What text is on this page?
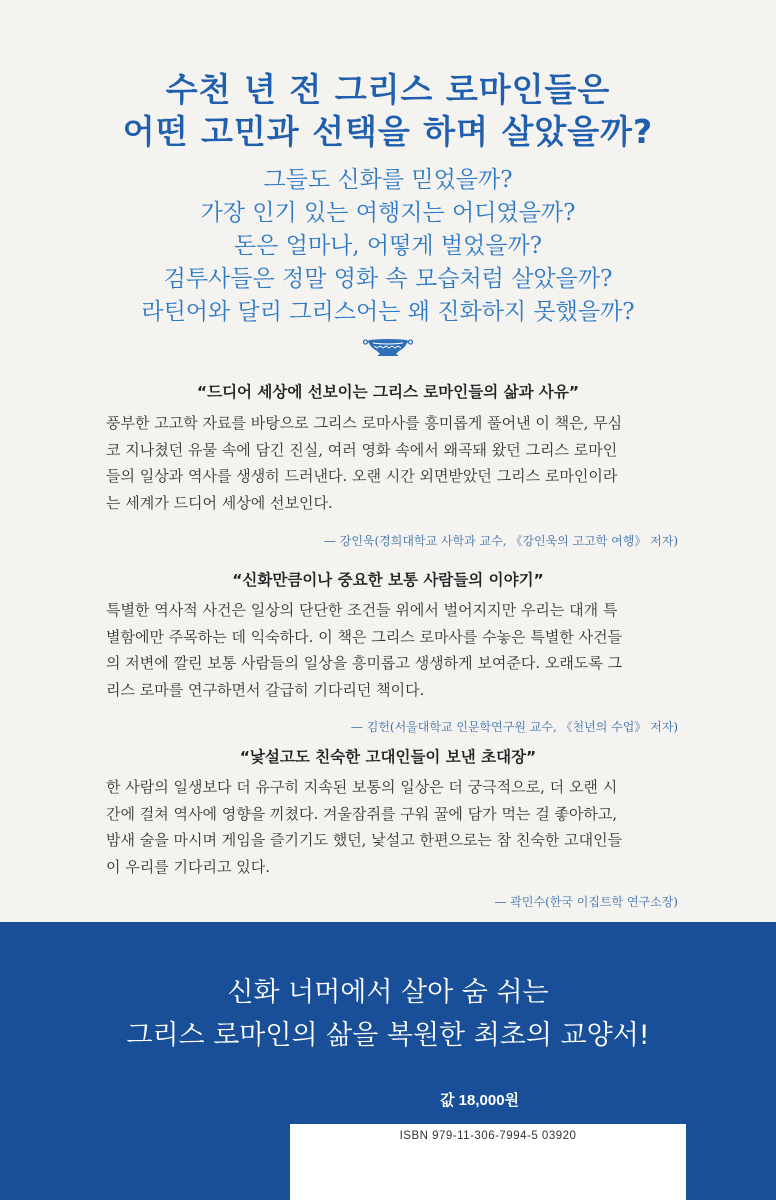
수천 년 전 그리스 로마인들은
어떤 고민과 선택을 하며 살았을까?
그들도 신화를 믿었을까?
가장 인기 있는 여행지는 어디였을까?
돈은 얼마나, 어떻게 벌었을까?
검투사들은 정말 영화 속 모습처럼 살았을까?
라틴어와 달리 그리스어는 왜 진화하지 못했을까?
“드디어 세상에 선보이는 그리스 로마인들의 삶과 사유”
풍부한 고고학 자료를 바탕으로 그리스 로마사를 흥미롭게 풀어낸 이 책은, 무심
코 지나쳤던 유물 속에 담긴 진실, 여러 영화 속에서 왜곡돼 왔던 그리스 로마인
들의 일상과 역사를 생생히 드러낸다. 오랜 시간 외면받았던 그리스 로마인이라
는 세계가 드디어 세상에 선보인다.
— 강인욱(경희대학교 사학과 교수, 《강인욱의 고고학 여행》 저자)
“신화만큼이나 중요한 보통 사람들의 이야기”
특별한 역사적 사건은 일상의 단단한 조건들 위에서 벌어지지만 우리는 대개 특
별함에만 주목하는 데 익숙하다. 이 책은 그리스 로마사를 수놓은 특별한 사건들
의 저변에 깔린 보통 사람들의 일상을 흥미롭고 생생하게 보여준다. 오래도록 그
리스 로마를 연구하면서 갈급히 기다리던 책이다.
— 김헌(서울대학교 인문학연구원 교수, 《천년의 수업》 저자)
“낯설고도 친숙한 고대인들이 보낸 초대장”
한 사람의 일생보다 더 유구히 지속된 보통의 일상은 더 궁극적으로, 더 오랜 시
간에 걸쳐 역사에 영향을 끼쳤다. 겨울잠쥐를 구워 꿀에 담가 먹는 걸 좋아하고,
밤새 술을 마시며 게임을 즐기기도 했던, 낯설고 한편으로는 참 친숙한 고대인들
이 우리를 기다리고 있다.
— 곽민수(한국 이집트학 연구소장)
신화 너머에서 살아 숨 쉬는
그리스 로마인의 삶을 복원한 최초의 교양서!
값 18,000원
ISBN 979-11-306-7994-5 03920
